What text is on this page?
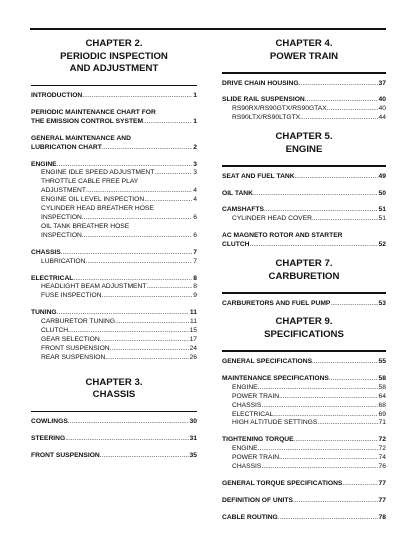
CHAPTER 2.
PERIODIC INSPECTION
AND ADJUSTMENT
INTRODUCTION .....	1
PERIODIC MAINTENANCE CHART FOR
THE EMISSION CONTROL SYSTEM .....	1
GENERAL MAINTENANCE AND
LUBRICATION CHART .....	2
ENGINE .....	3
ENGINE IDLE SPEED ADJUSTMENT .....	3
THROTTLE CABLE FREE PLAY
ADJUSTMENT .....	4
ENGINE OIL LEVEL INSPECTION .....	4
CYLINDER HEAD BREATHER HOSE
INSPECTION .....	6
OIL TANK BREATHER HOSE
INSPECTION .....	6
CHASSIS .....	7
LUBRICATION .....	7
ELECTRICAL .....	8
HEADLIGHT BEAM ADJUSTMENT .....	8
FUSE INSPECTION .....	9
TUNING .....	11
CARBURETOR TUNING .....	11
CLUTCH .....	15
GEAR SELECTION .....	17
FRONT SUSPENSION .....	24
REAR SUSPENSION .....	26
CHAPTER 3.
CHASSIS
COWLINGS .....	30
STEERING .....	31
FRONT SUSPENSION .....	35
CHAPTER 4.
POWER TRAIN
DRIVE CHAIN HOUSING .....	37
SLIDE RAIL SUSPENSION .....	40
RS90RX/RS90GTX/RS90GTAX .....	40
RS90LTX/RS90LTGTX .....	44
CHAPTER 5.
ENGINE
SEAT AND FUEL TANK .....	49
OIL TANK .....	50
CAMSHAFTS .....	51
CYLINDER HEAD COVER .....	51
AC MAGNETO ROTOR AND STARTER
CLUTCH .....	52
CHAPTER 7.
CARBURETION
CARBURETORS AND FUEL PUMP .....	53
CHAPTER 9.
SPECIFICATIONS
GENERAL SPECIFICATIONS .....	55
MAINTENANCE SPECIFICATIONS .....	58
ENGINE .....	58
POWER TRAIN .....	64
CHASSIS .....	68
ELECTRICAL .....	69
HIGH ALTITUDE SETTINGS .....	71
TIGHTENING TORQUE .....	72
ENGINE .....	72
POWER TRAIN .....	74
CHASSIS .....	76
GENERAL TORQUE SPECIFICATIONS .....	77
DEFINITION OF UNITS .....	77
CABLE ROUTING .....	78
